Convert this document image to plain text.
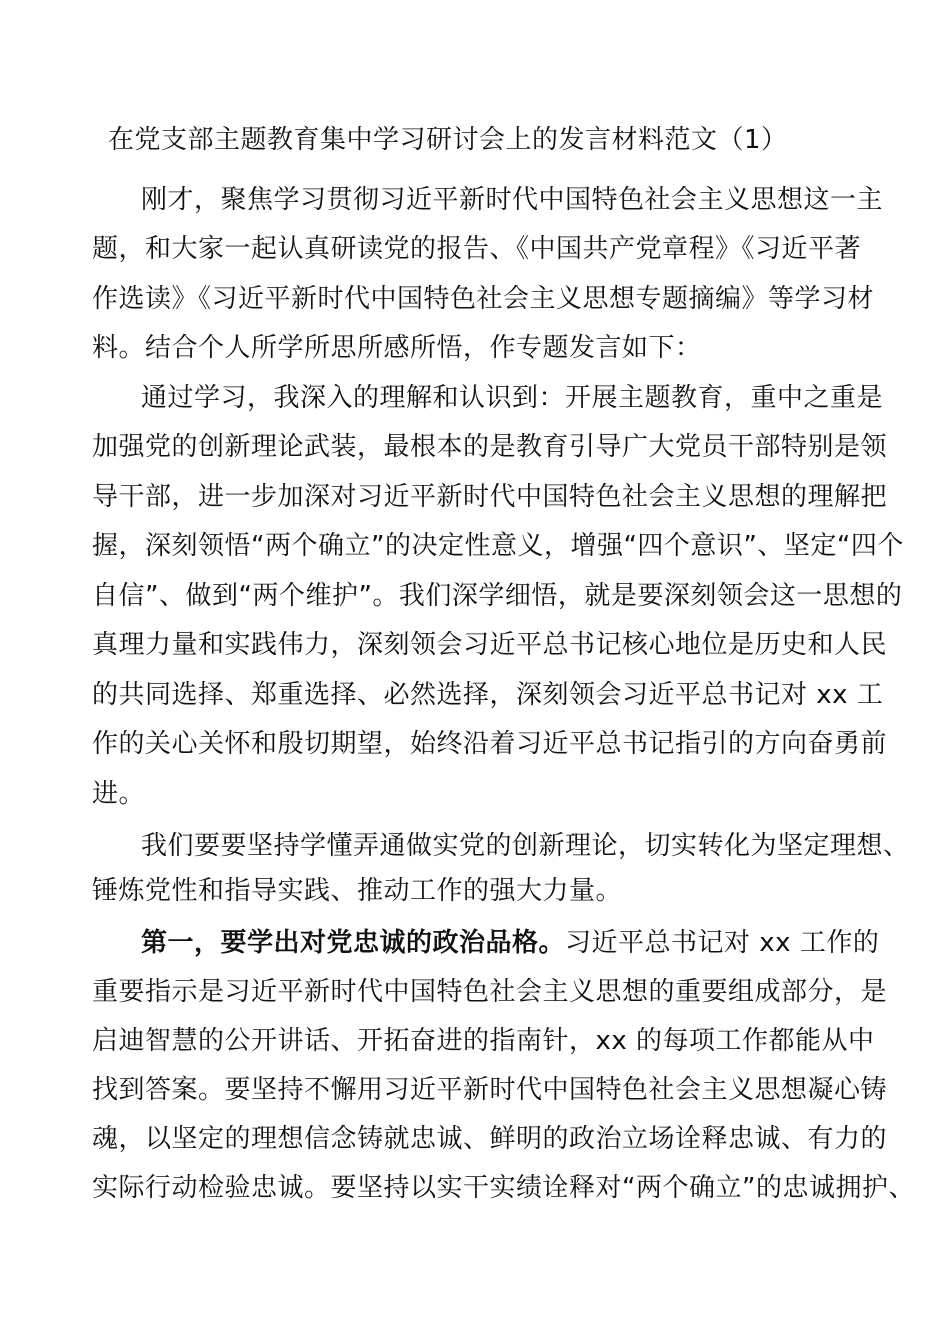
在党支部主题教育集中学习研讨会上的发言材料范文（1）
刚才，聚焦学习贯彻习近平新时代中国特色社会主义思想这一主
题，和大家一起认真研读党的报告、《中国共产党章程》《习近平著
作选读》《习近平新时代中国特色社会主义思想专题摘编》等学习材
料。结合个人所学所思所感所悟，作专题发言如下：
通过学习，我深入的理解和认识到：开展主题教育，重中之重是
加强党的创新理论武装，最根本的是教育引导广大党员干部特别是领
导干部，进一步加深对习近平新时代中国特色社会主义思想的理解把
握，深刻领悟“两个确立”的决定性意义，增强“四个意识”、坚定“四个
自信”、做到“两个维护”。我们深学细悟，就是要深刻领会这一思想的
真理力量和实践伟力，深刻领会习近平总书记核心地位是历史和人民
的共同选择、郑重选择、必然选择，深刻领会习近平总书记对 xx 工
作的关心关怀和殷切期望，始终沿着习近平总书记指引的方向奋勇前
进。
我们要要坚持学懂弄通做实党的创新理论，切实转化为坚定理想、
锤炼党性和指导实践、推动工作的强大力量。
第一，要学出对党忠诚的政治品格。习近平总书记对 xx 工作的
重要指示是习近平新时代中国特色社会主义思想的重要组成部分，是
启迪智慧的公开讲话、开拓奋进的指南针，xx 的每项工作都能从中
找到答案。要坚持不懈用习近平新时代中国特色社会主义思想凝心铸
魂，以坚定的理想信念铸就忠诚、鲜明的政治立场诠释忠诚、有力的
实际行动检验忠诚。要坚持以实干实绩诠释对“两个确立”的忠诚拥护、
